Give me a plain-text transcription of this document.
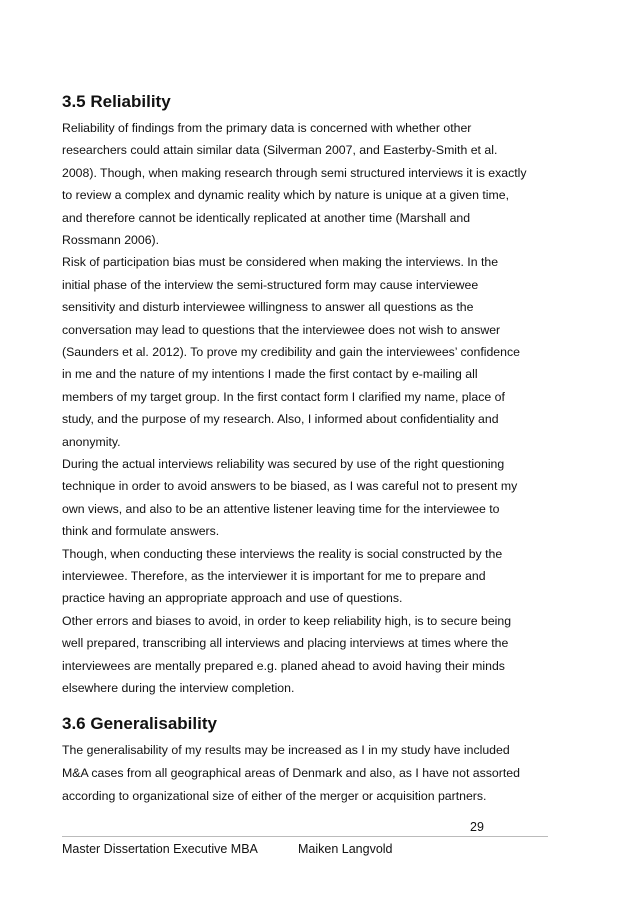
3.5 Reliability

Reliability of findings from the primary data is concerned with whether other

researchers could attain similar data (Silverman 2007, and Easterby-Smith et al.

2008). Though, when making research through semi structured interviews it is exactly

to review a complex and dynamic reality which by nature is unique at a given time,

and therefore cannot be identically replicated at another time (Marshall and

Rossmann 2006).

Risk of participation bias must be considered when making the interviews. In the

initial phase of the interview the semi-structured form may cause interviewee

sensitivity and disturb interviewee willingness to answer all questions as the

conversation may lead to questions that the interviewee does not wish to answer

(Saunders et al. 2012). To prove my credibility and gain the interviewees’ confidence

in me and the nature of my intentions I made the first contact by e-mailing all

members of my target group. In the first contact form I clarified my name, place of

study, and the purpose of my research. Also, I informed about confidentiality and

anonymity.

During the actual interviews reliability was secured by use of the right questioning

technique in order to avoid answers to be biased, as I was careful not to present my

own views, and also to be an attentive listener leaving time for the interviewee to

think and formulate answers.

Though, when conducting these interviews the reality is social constructed by the

interviewee. Therefore, as the interviewer it is important for me to prepare and

practice having an appropriate approach and use of questions.

Other errors and biases to avoid, in order to keep reliability high, is to secure being

well prepared, transcribing all interviews and placing interviews at times where the

interviewees are mentally prepared e.g. planed ahead to avoid having their minds

elsewhere during the interview completion.

3.6 Generalisability

The generalisability of my results may be increased as I in my study have included

M&A cases from all geographical areas of Denmark and also, as I have not assorted

according to organizational size of either of the merger or acquisition partners.

29
Master Dissertation Executive MBA	Maiken Langvold
